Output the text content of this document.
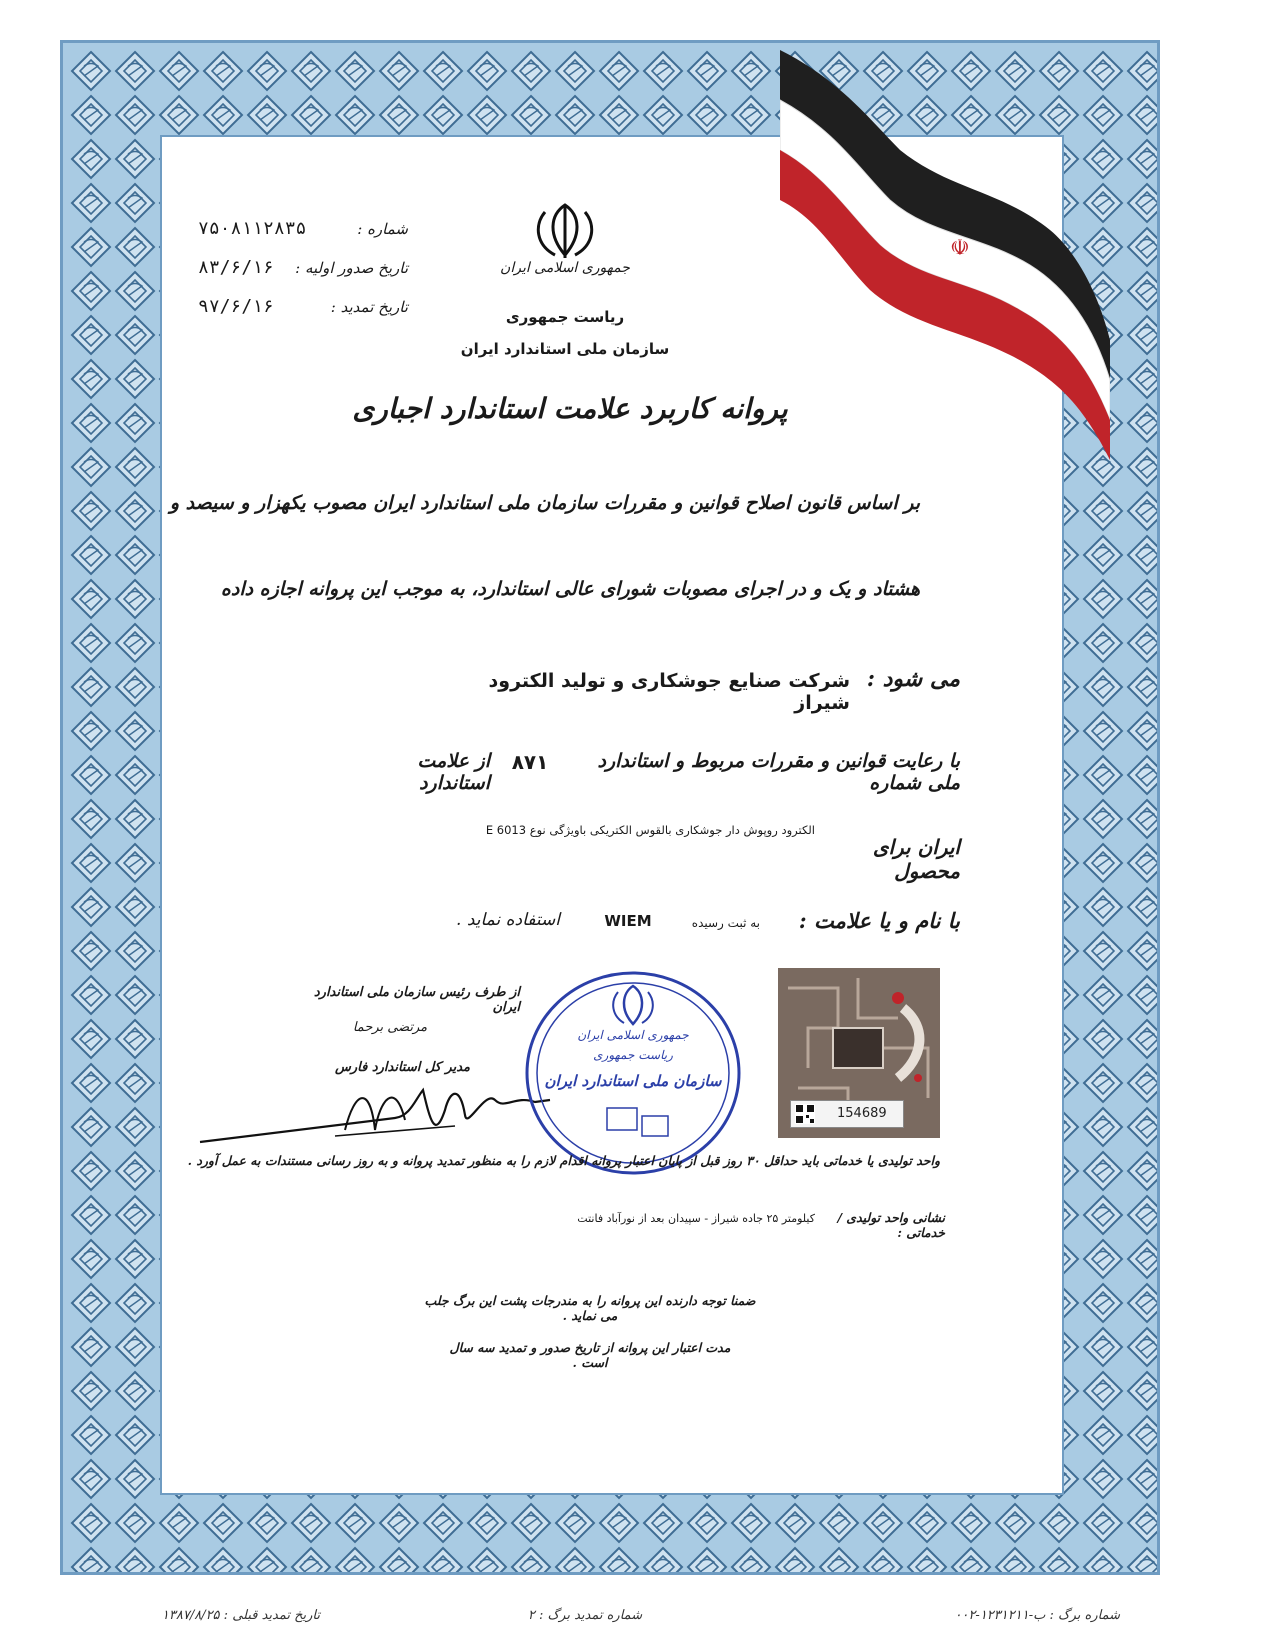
☫
۷۵۰۸۱۱۲۸۳۵	شماره :
۸۳/۶/۱۶ تاریخ صدور اولیه :
۹۷/۶/۱۶	تاریخ تمدید :
جمهوری اسلامی ایران
ریاست جمهوری
سازمان ملی استاندارد ایران
پروانه کاربرد علامت استاندارد اجباری
بر اساس قانون اصلاح قوانین و مقررات سازمان ملی استاندارد ایران مصوب یکهزار و سیصد و
هشتاد و یک و در اجرای مصوبات شورای عالی استاندارد، به موجب این پروانه اجازه داده
می شود :
شرکت صنایع جوشکاری و تولید الکترود شیراز
با رعایت قوانین و مقررات مربوط و استاندارد ملی شماره
۸۷۱
از علامت استاندارد
ایران برای محصول
الکترود روپوش دار جوشکاری بالقوس الکتریکی باویژگی نوع E 6013
با نام و یا علامت :
به ثبت رسیده
WIEM
استفاده نماید .
از طرف رئیس سازمان ملی استاندارد ایران
مرتضی برحما
مدیر کل استاندارد فارس
جمهوری اسلامی ایران
ریاست جمهوری
سازمان ملی استاندارد ایران
154689
واحد تولیدی یا خدماتی باید حداقل ۳۰ روز قبل از پایان اعتبار پروانه اقدام لازم را به منظور تمدید پروانه و به روز رسانی مستندات به عمل آورد .
نشانی واحد تولیدی / خدماتی :
کیلومتر ۲۵ جاده شیراز - سپیدان بعد از نورآباد فانتت
ضمنا توجه دارنده این پروانه را به مندرجات پشت این برگ جلب می نماید .
مدت اعتبار این پروانه از تاریخ صدور و تمدید سه سال است .
تاریخ تمدید قبلی : ۱۳۸۷/۸/۲۵	شماره تمدید برگ : ۲	شماره برگ : ب-۱۲۳۱۲۱۱-۰۰۲
